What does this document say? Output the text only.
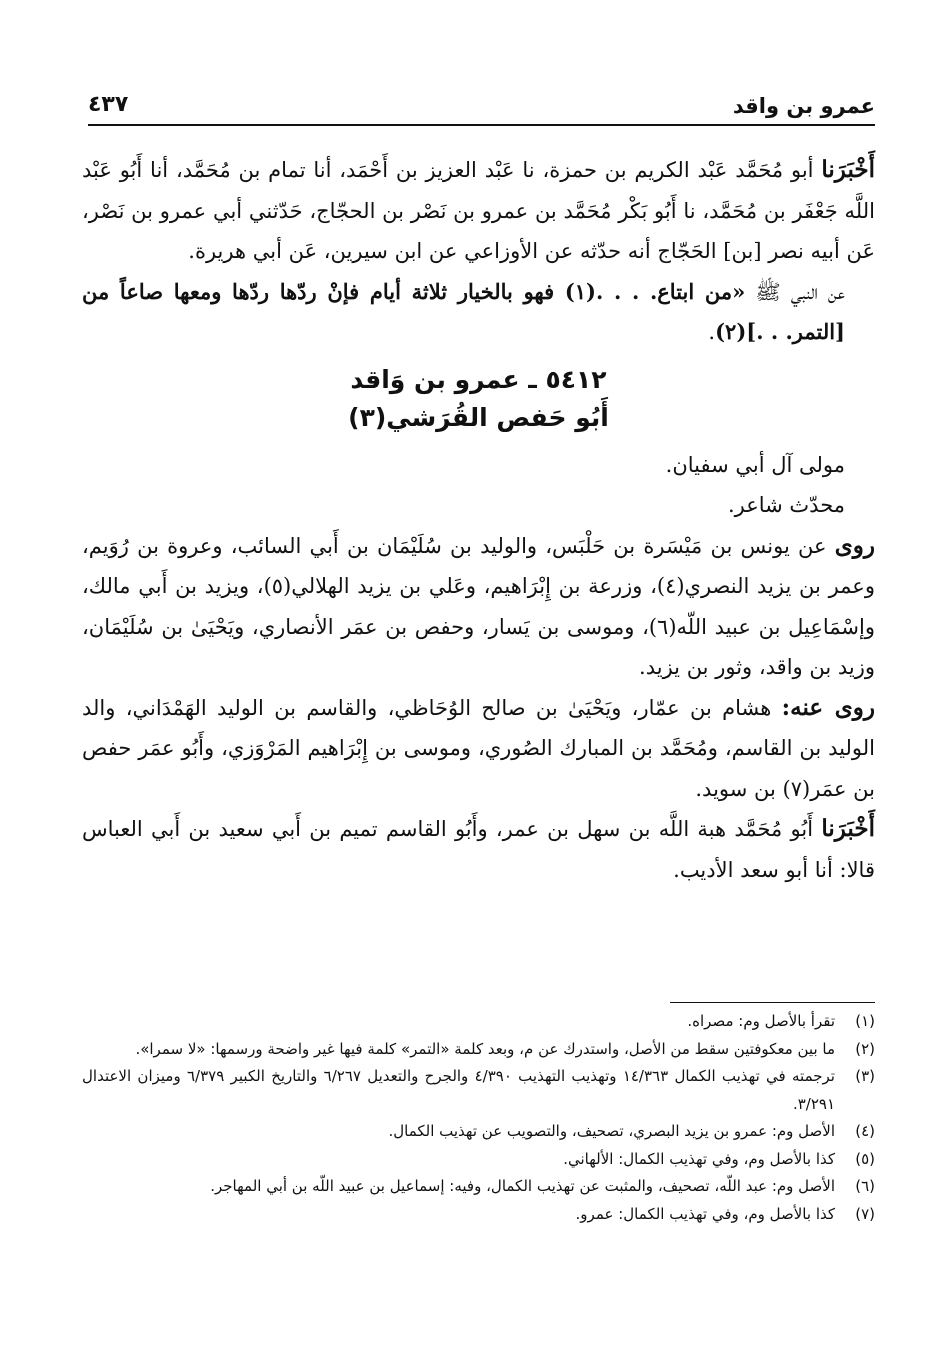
عمرو بن واقد
٤٣٧

أَخْبَرَنا أبو مُحَمَّد عَبْد الكريم بن حمزة، نا عَبْد العزيز بن أَحْمَد، أنا تمام بن مُحَمَّد، أنا أَبُو عَبْد اللَّه جَعْفَر بن مُحَمَّد، نا أَبُو بَكْر مُحَمَّد بن عمرو بن نَصْر بن الحجّاج، حَدّثني أبي عمرو بن نَصْر، عَن أبيه نصر [بن] الحَجّاج أنه حدّثه عن الأوزاعي عن ابن سيرين، عَن أبي هريرة.

عن النبي ﷺ «من ابتاع. . . .(١) فهو بالخيار ثلاثة أيام فإنْ ردّها ردّها ومعها صاعاً من [التمر. . .](٢).

٥٤١٢ ـ عمرو بن وَاقد
أَبُو حَفص القُرَشي(٣)

مولى آل أبي سفيان.

محدّث شاعر.

روى عن يونس بن مَيْسَرة بن حَلْبَس، والوليد بن سُلَيْمَان بن أَبي السائب، وعروة بن رُوَيم، وعمر بن يزيد النصري(٤)، وزرعة بن إِبْرَاهيم، وعَلي بن يزيد الهلالي(٥)، ويزيد بن أَبي مالك، وإسْمَاعِيل بن عبيد اللّه(٦)، وموسى بن يَسار، وحفص بن عمَر الأنصاري، ويَحْيَىٰ بن سُلَيْمَان، وزيد بن واقد، وثور بن يزيد.

روى عنه: هشام بن عمّار، ويَحْيَىٰ بن صالح الوُحَاظي، والقاسم بن الوليد الهَمْدَاني، والد الوليد بن القاسم، ومُحَمَّد بن المبارك الصُوري، وموسى بن إِبْرَاهيم المَرْوَزي، وأَبُو عمَر حفص بن عمَر(٧) بن سويد.

أَخْبَرَنا أَبُو مُحَمَّد هبة اللَّه بن سهل بن عمر، وأَبُو القاسم تميم بن أَبي سعيد بن أَبي العباس قالا: أنا أبو سعد الأديب.

(١)
تقرأ بالأصل وم: مصراه.
(٢)
ما بين معكوفتين سقط من الأصل، واستدرك عن م، وبعد كلمة «التمر» كلمة فيها غير واضحة ورسمها: «لا سمرا».
(٣)
ترجمته في تهذيب الكمال ١٤/٣٦٣ وتهذيب التهذيب ٤/٣٩٠ والجرح والتعديل ٦/٢٦٧ والتاريخ الكبير ٦/٣٧٩ وميزان الاعتدال ٣/٢٩١.
(٤)
الأصل وم: عمرو بن يزيد البصري، تصحيف، والتصويب عن تهذيب الكمال.
(٥)
كذا بالأصل وم، وفي تهذيب الكمال: الألهاني.
(٦)
الأصل وم: عبد اللّه، تصحيف، والمثبت عن تهذيب الكمال، وفيه: إسماعيل بن عبيد اللّه بن أبي المهاجر.
(٧)
كذا بالأصل وم، وفي تهذيب الكمال: عمرو.
